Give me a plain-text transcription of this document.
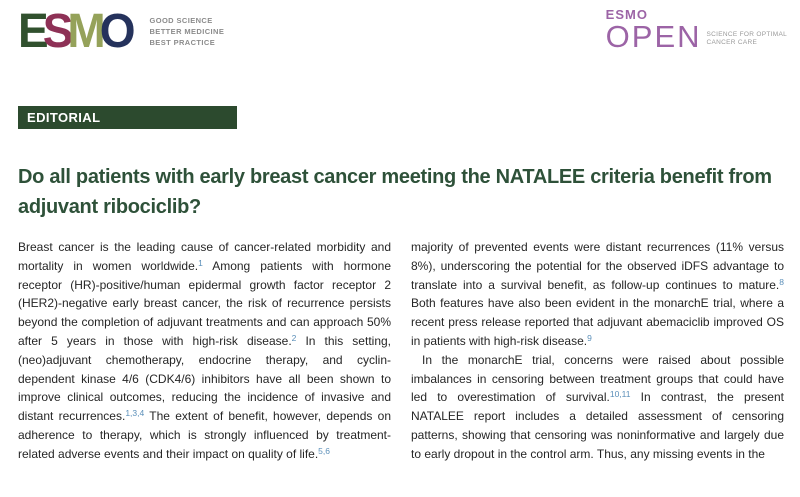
ESMO	GOOD SCIENCE
BETTER MEDICINE
BEST PRACTICE
ESMO
OPEN SCIENCE FOR OPTIMAL
CANCER CARE
EDITORIAL
Do all patients with early breast cancer meeting the NATALEE criteria benefit from adjuvant ribociclib?

Breast cancer is the leading cause of cancer-related morbidity and mortality in women worldwide.$^1$ Among patients with hormone receptor (HR)-positive/human epidermal growth factor receptor 2 (HER2)-negative early breast cancer, the risk of recurrence persists beyond the completion of adjuvant treatments and can approach 50% after 5 years in those with high-risk disease.$^2$ In this setting, (neo)adjuvant chemotherapy, endocrine therapy, and cyclin-dependent kinase 4/6 (CDK4/6) inhibitors have all been shown to improve clinical outcomes, reducing the incidence of invasive and distant recurrences.$^{1,3,4}$ The extent of benefit, however, depends on adherence to therapy, which is strongly influenced by treatment-related adverse events and their impact on quality of life.$^{5,6}$

majority of prevented events were distant recurrences (11% versus 8%), underscoring the potential for the observed iDFS advantage to translate into a survival benefit, as follow-up continues to mature.$^8$ Both features have also been evident in the monarchE trial, where a recent press release reported that adjuvant abemaciclib improved OS in patients with high-risk disease.$^9$

In the monarchE trial, concerns were raised about possible imbalances in censoring between treatment groups that could have led to overestimation of survival.$^{10,11}$ In contrast, the present NATALEE report includes a detailed assessment of censoring patterns, showing that censoring was noninformative and largely due to early dropout in the control arm. Thus, any missing events in the
